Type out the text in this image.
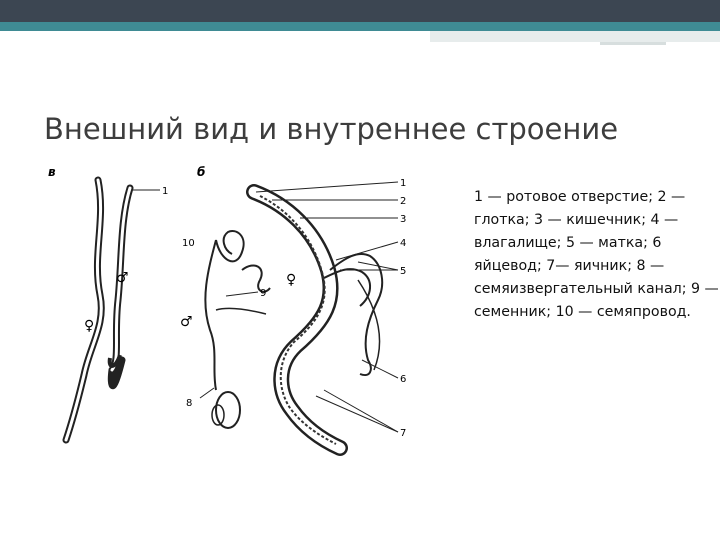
Внешний вид и внутреннее строение
в	б
1
♂
♀
1
2
3
4
5
6
7
8
9
10
♂
♀
1 — ротовое отверстие; 2 — глотка; 3 — кишечник; 4 — влагалище; 5 — матка; 6 яйцевод; 7— яичник; 8 — семяизвергательный канал; 9 — семенник; 10 — семяпровод.
